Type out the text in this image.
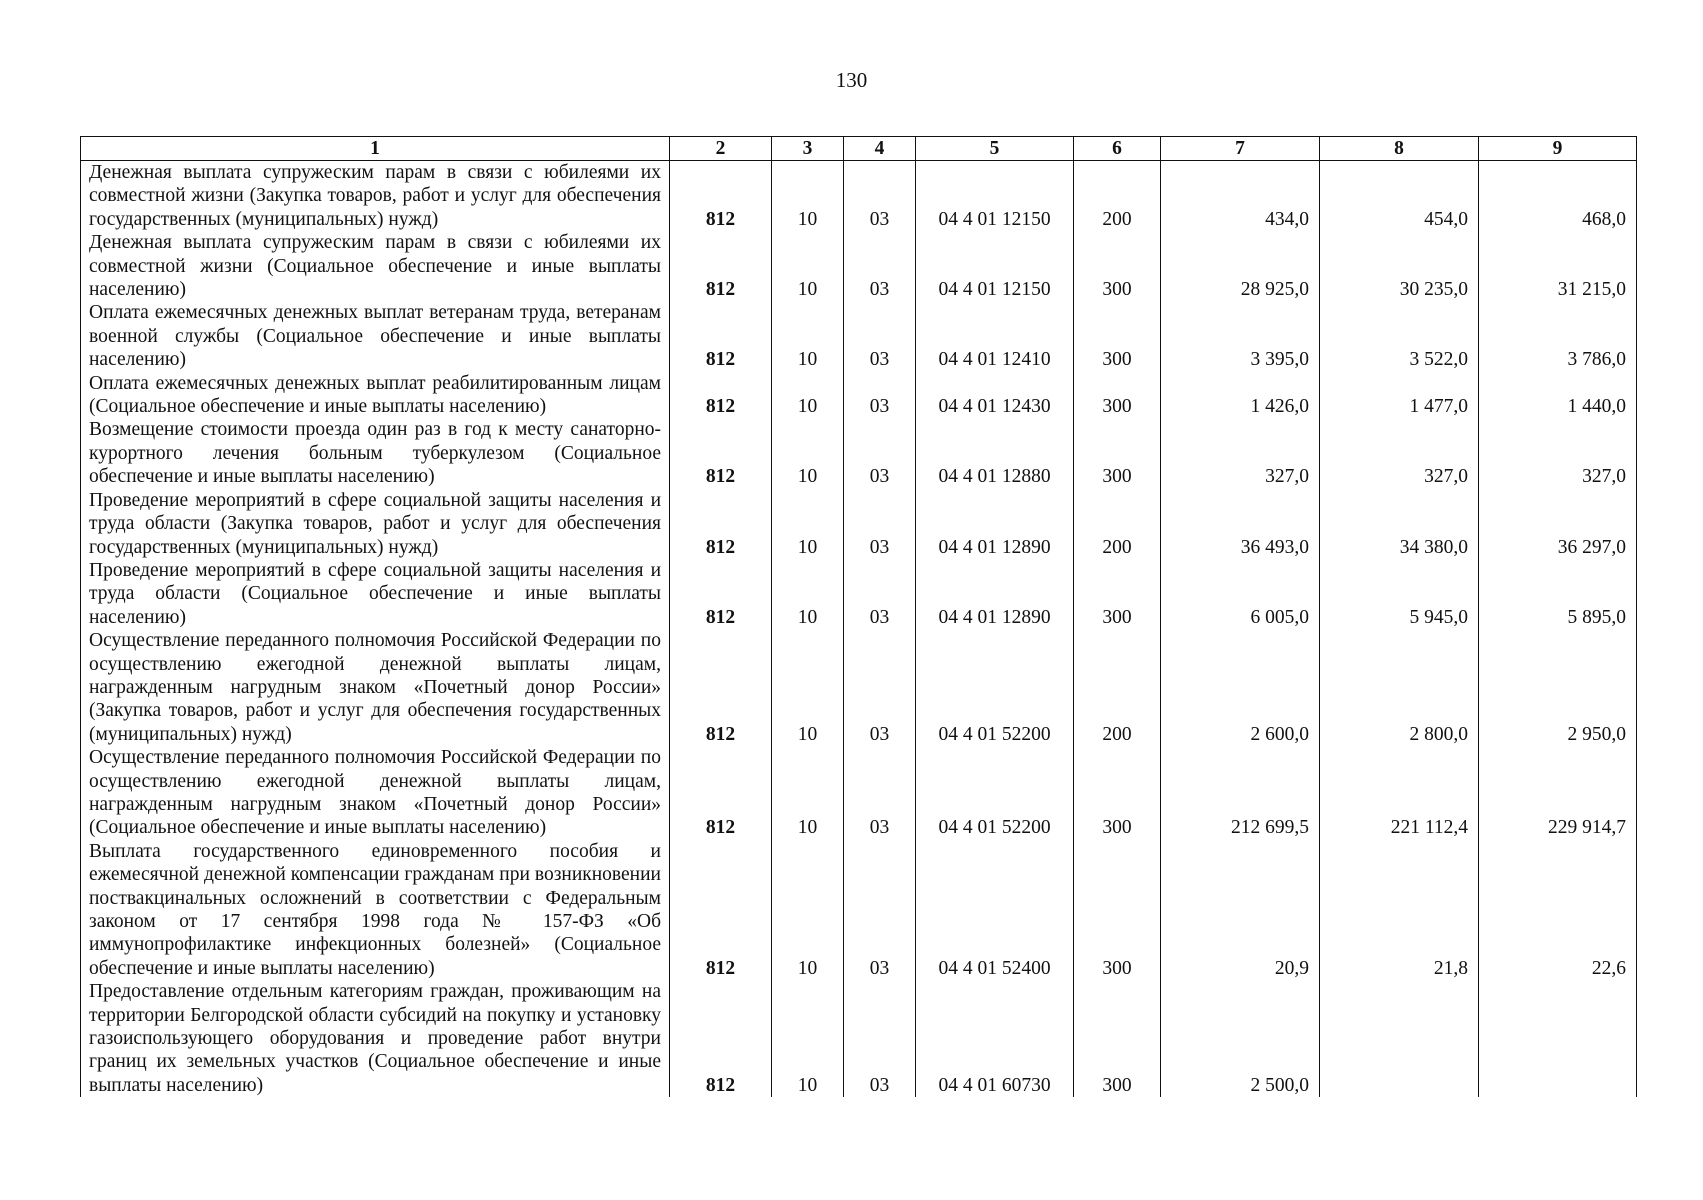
130
1	2	3	4	5	6	7	8	9
Денежная выплата супружеским парам в связи с юбилеями их совместной жизни (Закупка товаров, работ и услуг для обеспечения государственных (муниципальных) нужд)	812	10	03	04 4 01 12150	200	434,0	454,0	468,0
Денежная выплата супружеским парам в связи с юбилеями их совместной жизни (Социальное обеспечение и иные выплаты населению)	812	10	03	04 4 01 12150	300	28 925,0	30 235,0	31 215,0
Оплата ежемесячных денежных выплат ветеранам труда, ветеранам военной службы (Социальное обеспечение и иные выплаты населению)	812	10	03	04 4 01 12410	300	3 395,0	3 522,0	3 786,0
Оплата ежемесячных денежных выплат реабилитированным лицам (Социальное обеспечение и иные выплаты населению)	812	10	03	04 4 01 12430	300	1 426,0	1 477,0	1 440,0
Возмещение стоимости проезда один раз в год к месту санаторно-курортного лечения больным туберкулезом (Социальное обеспечение и иные выплаты населению)	812	10	03	04 4 01 12880	300	327,0	327,0	327,0
Проведение мероприятий в сфере социальной защиты населения и труда области (Закупка товаров, работ и услуг для обеспечения государственных (муниципальных) нужд)	812	10	03	04 4 01 12890	200	36 493,0	34 380,0	36 297,0
Проведение мероприятий в сфере социальной защиты населения и труда области (Социальное обеспечение и иные выплаты населению)	812	10	03	04 4 01 12890	300	6 005,0	5 945,0	5 895,0
Осуществление переданного полномочия Российской Федерации по осуществлению ежегодной денежной выплаты лицам, награжденным нагрудным знаком «Почетный донор России» (Закупка товаров, работ и услуг для обеспечения государственных (муниципальных) нужд)	812	10	03	04 4 01 52200	200	2 600,0	2 800,0	2 950,0
Осуществление переданного полномочия Российской Федерации по осуществлению ежегодной денежной выплаты лицам, награжденным нагрудным знаком «Почетный донор России» (Социальное обеспечение и иные выплаты населению)	812	10	03	04 4 01 52200	300	212 699,5	221 112,4	229 914,7
Выплата государственного единовременного пособия и ежемесячной денежной компенсации гражданам при возникновении поствакцинальных осложнений в соответствии с Федеральным законом от 17 сентября 1998 года № 157-ФЗ «Об иммунопрофилактике инфекционных болезней» (Социальное обеспечение и иные выплаты населению)	812	10	03	04 4 01 52400	300	20,9	21,8	22,6
Предоставление отдельным категориям граждан, проживающим на территории Белгородской области субсидий на покупку и установку газоиспользующего оборудования и проведение работ внутри границ их земельных участков (Социальное обеспечение и иные выплаты населению)	812	10	03	04 4 01 60730	300	2 500,0		
